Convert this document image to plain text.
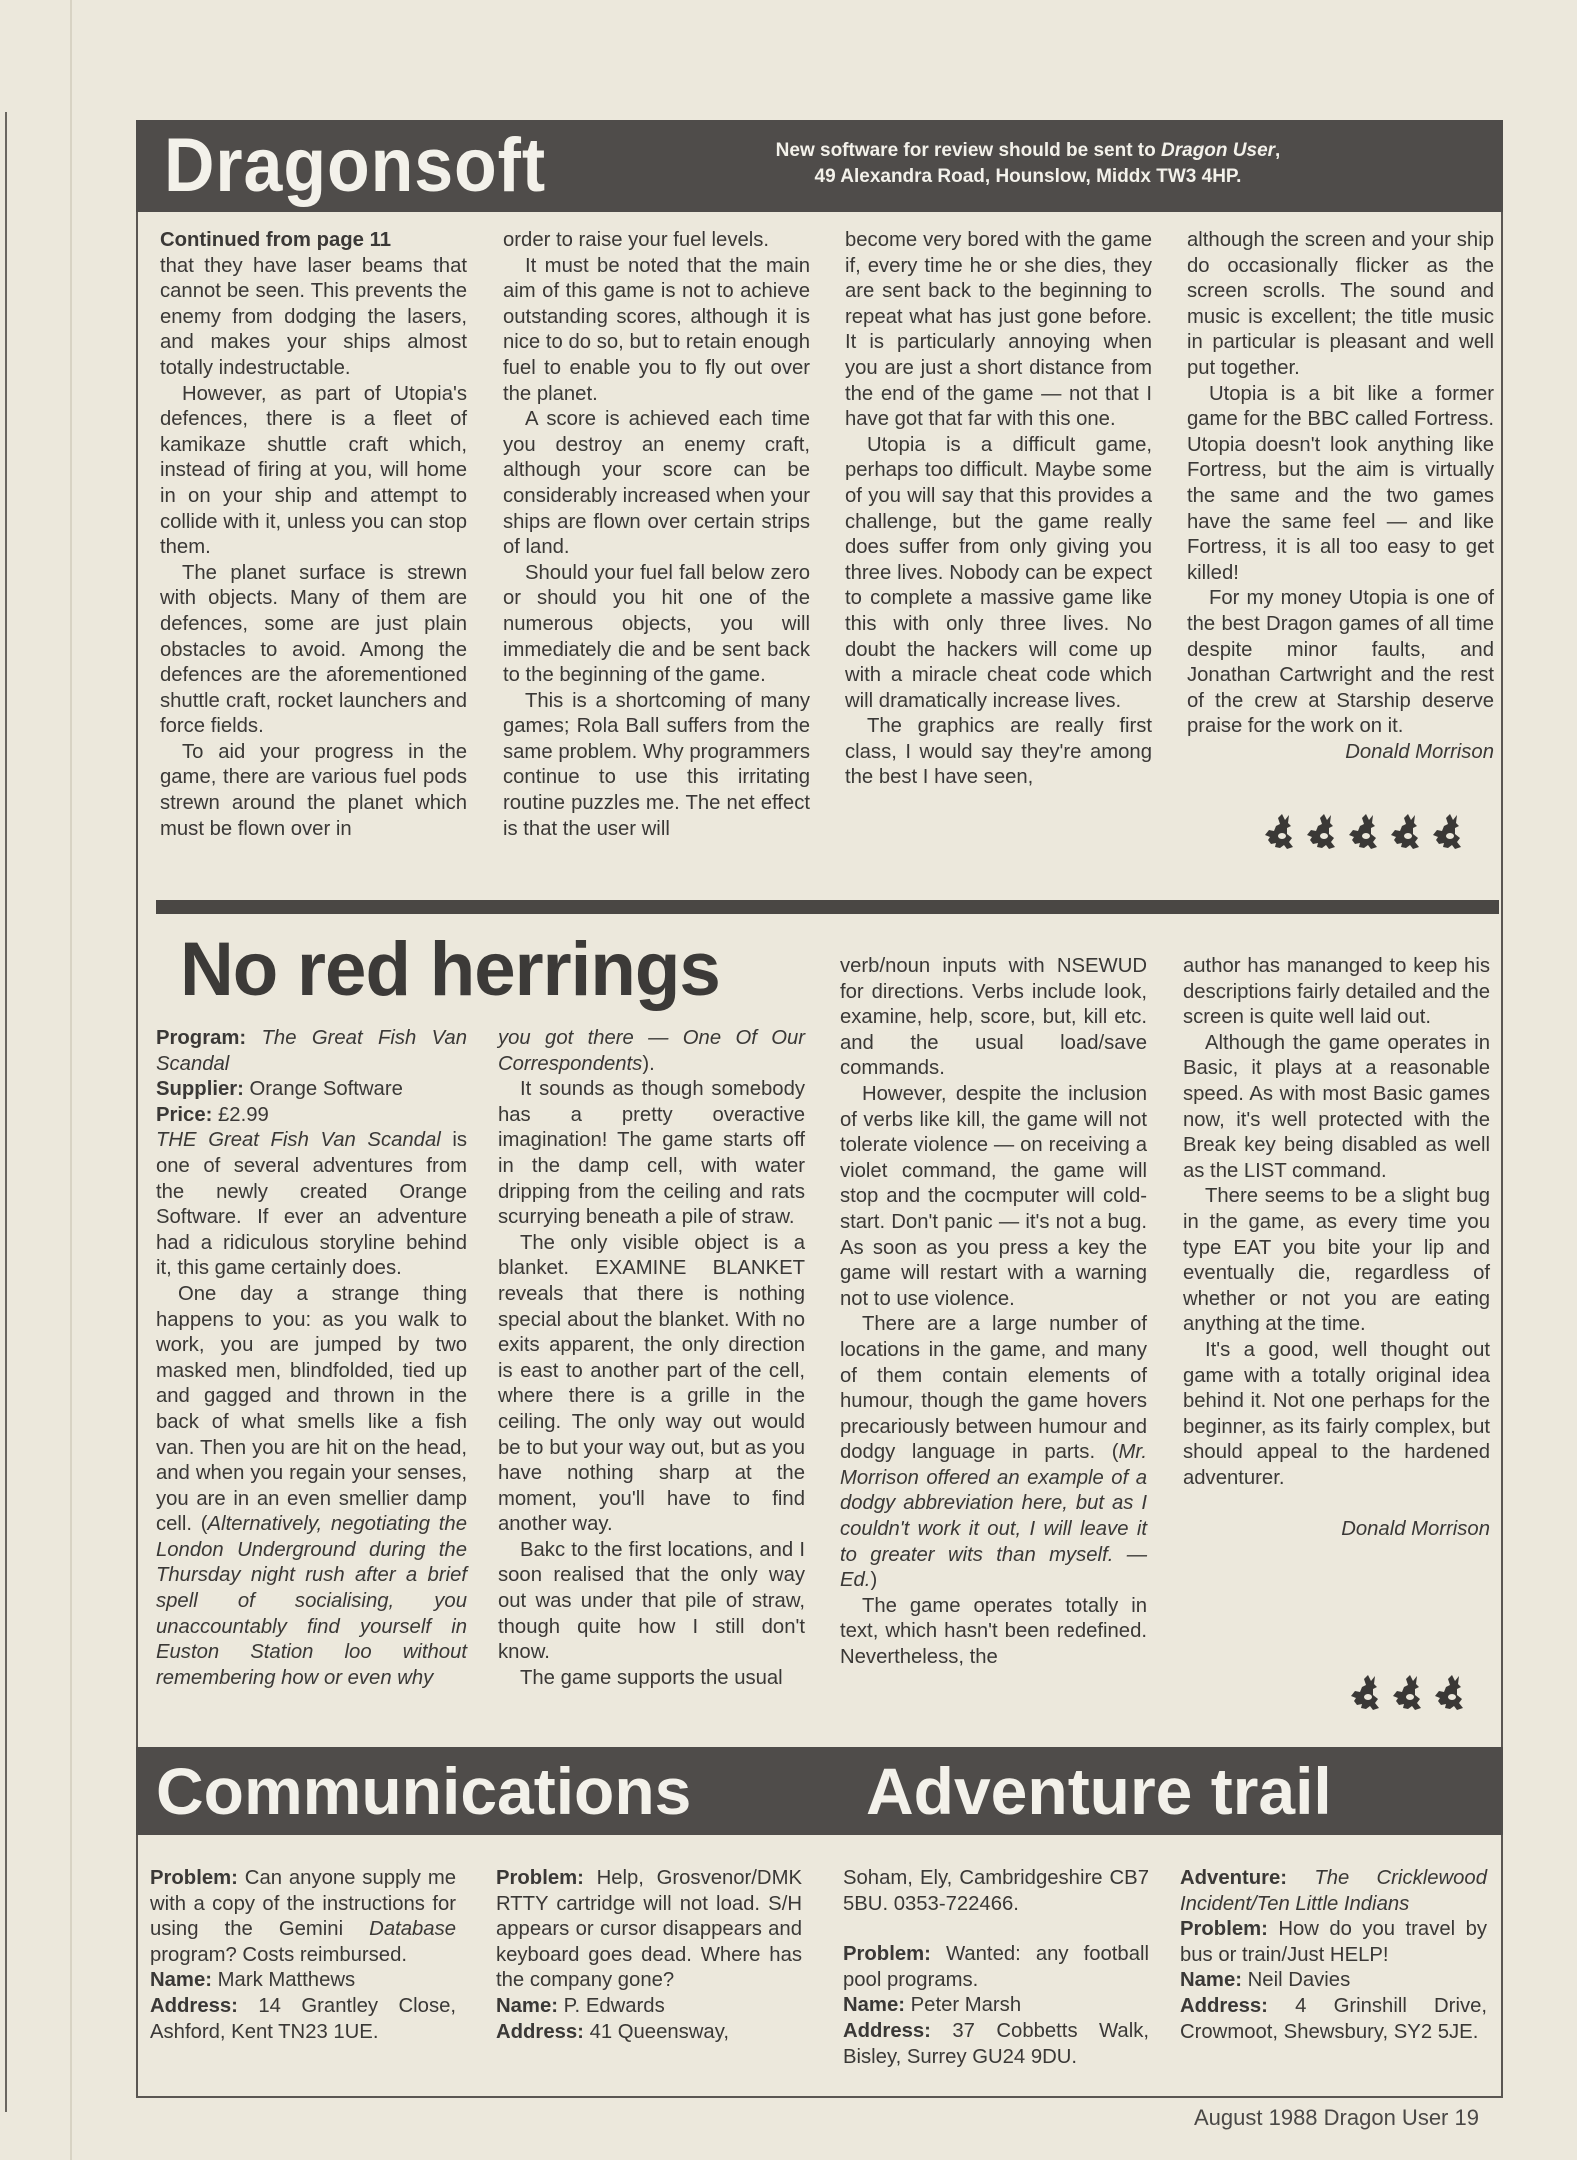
Dragonsoft	New software for review should be sent to Dragon User,
49 Alexandra Road, Hounslow, Middx TW3 4HP.

Continued from page 11

that they have laser beams that cannot be seen. This prevents the enemy from dodging the lasers, and makes your ships almost totally indestructable.

However, as part of Utopia's defences, there is a fleet of kamikaze shuttle craft which, instead of firing at you, will home in on your ship and attempt to collide with it, unless you can stop them.

The planet surface is strewn with objects. Many of them are defences, some are just plain obstacles to avoid. Among the defences are the aforementioned shuttle craft, rocket launchers and force fields.

To aid your progress in the game, there are various fuel pods strewn around the planet which must be flown over in

order to raise your fuel levels.

It must be noted that the main aim of this game is not to achieve outstanding scores, although it is nice to do so, but to retain enough fuel to enable you to fly out over the planet.

A score is achieved each time you destroy an enemy craft, although your score can be considerably increased when your ships are flown over certain strips of land.

Should your fuel fall below zero or should you hit one of the numerous objects, you will immediately die and be sent back to the beginning of the game.

This is a shortcoming of many games; Rola Ball suffers from the same problem. Why programmers continue to use this irritating routine puzzles me. The net effect is that the user will

become very bored with the game if, every time he or she dies, they are sent back to the beginning to repeat what has just gone before. It is particularly annoying when you are just a short distance from the end of the game — not that I have got that far with this one.

Utopia is a difficult game, perhaps too difficult. Maybe some of you will say that this provides a challenge, but the game really does suffer from only giving you three lives. Nobody can be expect to complete a massive game like this with only three lives. No doubt the hackers will come up with a miracle cheat code which will dramatically increase lives.

The graphics are really first class, I would say they're among the best I have seen,

although the screen and your ship do occasionally flicker as the screen scrolls. The sound and music is excellent; the title music in particular is pleasant and well put together.

Utopia is a bit like a former game for the BBC called Fortress. Utopia doesn't look anything like Fortress, but the aim is virtually the same and the two games have the same feel — and like Fortress, it is all too easy to get killed!

For my money Utopia is one of the best Dragon games of all time despite minor faults, and Jonathan Cartwright and the rest of the crew at Starship deserve praise for the work on it.

Donald Morrison

No red herrings

Program: The Great Fish Van Scandal

Supplier: Orange Software

Price: £2.99

THE Great Fish Van Scandal is one of several adventures from the newly created Orange Software. If ever an adventure had a ridiculous storyline behind it, this game certainly does.

One day a strange thing happens to you: as you walk to work, you are jumped by two masked men, blindfolded, tied up and gagged and thrown in the back of what smells like a fish van. Then you are hit on the head, and when you regain your senses, you are in an even smellier damp cell. (Alternatively, negotiating the London Underground during the Thursday night rush after a brief spell of socialising, you unaccountably find yourself in Euston Station loo without remembering how or even why

you got there — One Of Our Correspondents).

It sounds as though somebody has a pretty overactive imagination! The game starts off in the damp cell, with water dripping from the ceiling and rats scurrying beneath a pile of straw.

The only visible object is a blanket. EXAMINE BLANKET reveals that there is nothing special about the blanket. With no exits apparent, the only direction is east to another part of the cell, where there is a grille in the ceiling. The only way out would be to but your way out, but as you have nothing sharp at the moment, you'll have to find another way.

Bakc to the first locations, and I soon realised that the only way out was under that pile of straw, though quite how I still don't know.

The game supports the usual

verb/noun inputs with NSEWUD for directions. Verbs include look, examine, help, score, but, kill etc. and the usual load/save commands.

However, despite the inclusion of verbs like kill, the game will not tolerate violence — on receiving a violet command, the game will stop and the cocmputer will cold-start. Don't panic — it's not a bug. As soon as you press a key the game will restart with a warning not to use violence.

There are a large number of locations in the game, and many of them contain elements of humour, though the game hovers precariously between humour and dodgy language in parts. (Mr. Morrison offered an example of a dodgy abbreviation here, but as I couldn't work it out, I will leave it to greater wits than myself. — Ed.)

The game operates totally in text, which hasn't been redefined. Nevertheless, the

author has mananged to keep his descriptions fairly detailed and the screen is quite well laid out.

Although the game operates in Basic, it plays at a reasonable speed. As with most Basic games now, it's well protected with the Break key being disabled as well as the LIST command.

There seems to be a slight bug in the game, as every time you type EAT you bite your lip and eventually die, regardless of whether or not you are eating anything at the time.

It's a good, well thought out game with a totally original idea behind it. Not one perhaps for the beginner, as its fairly complex, but should appeal to the hardened adventurer.

Donald Morrison

Communications	Adventure trail

Problem: Can anyone supply me with a copy of the instructions for using the Gemini Database program? Costs reimbursed.

Name: Mark Matthews

Address: 14 Grantley Close, Ashford, Kent TN23 1UE.

Problem: Help, Grosvenor/DMK RTTY cartridge will not load. S/H appears or cursor disappears and keyboard goes dead. Where has the company gone?

Name: P. Edwards

Address: 41 Queensway,

Soham, Ely, Cambridgeshire CB7 5BU. 0353-722466.

Problem: Wanted: any football pool programs.

Name: Peter Marsh

Address: 37 Cobbetts Walk, Bisley, Surrey GU24 9DU.

Adventure: The Cricklewood Incident/Ten Little Indians

Problem: How do you travel by bus or train/Just HELP!

Name: Neil Davies

Address: 4 Grinshill Drive, Crowmoot, Shewsbury, SY2 5JE.

August 1988 Dragon User 19
